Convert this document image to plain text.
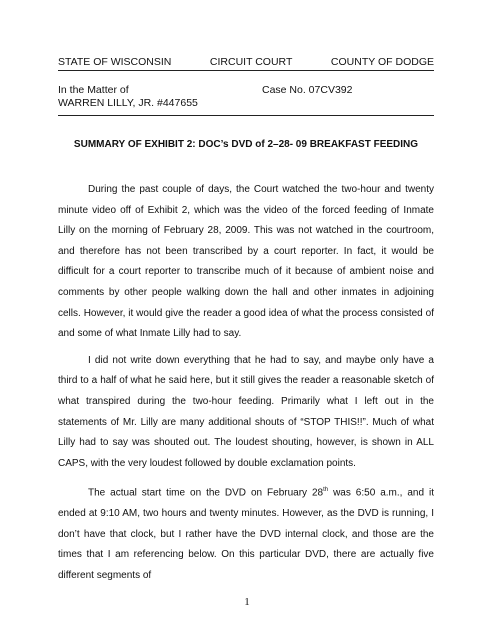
STATE OF WISCONSIN	CIRCUIT COURT	COUNTY OF DODGE
In the Matter of
WARREN LILLY, JR. #447655
Case No. 07CV392
SUMMARY OF EXHIBIT 2: DOC’s DVD of 2–28- 09 BREAKFAST FEEDING

During the past couple of days, the Court watched the two-hour and twenty minute video off of Exhibit 2, which was the video of the forced feeding of Inmate Lilly on the morning of February 28, 2009. This was not watched in the courtroom, and therefore has not been transcribed by a court reporter. In fact, it would be difficult for a court reporter to transcribe much of it because of ambient noise and comments by other people walking down the hall and other inmates in adjoining cells. However, it would give the reader a good idea of what the process consisted of and some of what Inmate Lilly had to say.

I did not write down everything that he had to say, and maybe only have a third to a half of what he said here, but it still gives the reader a reasonable sketch of what transpired during the two-hour feeding. Primarily what I left out in the statements of Mr. Lilly are many additional shouts of “STOP THIS!!”. Much of what Lilly had to say was shouted out. The loudest shouting, however, is shown in ALL CAPS, with the very loudest followed by double exclamation points.

The actual start time on the DVD on February 28th was 6:50 a.m., and it ended at 9:10 AM, two hours and twenty minutes. However, as the DVD is running, I don’t have that clock, but I rather have the DVD internal clock, and those are the times that I am referencing below. On this particular DVD, there are actually five different segments of

1
